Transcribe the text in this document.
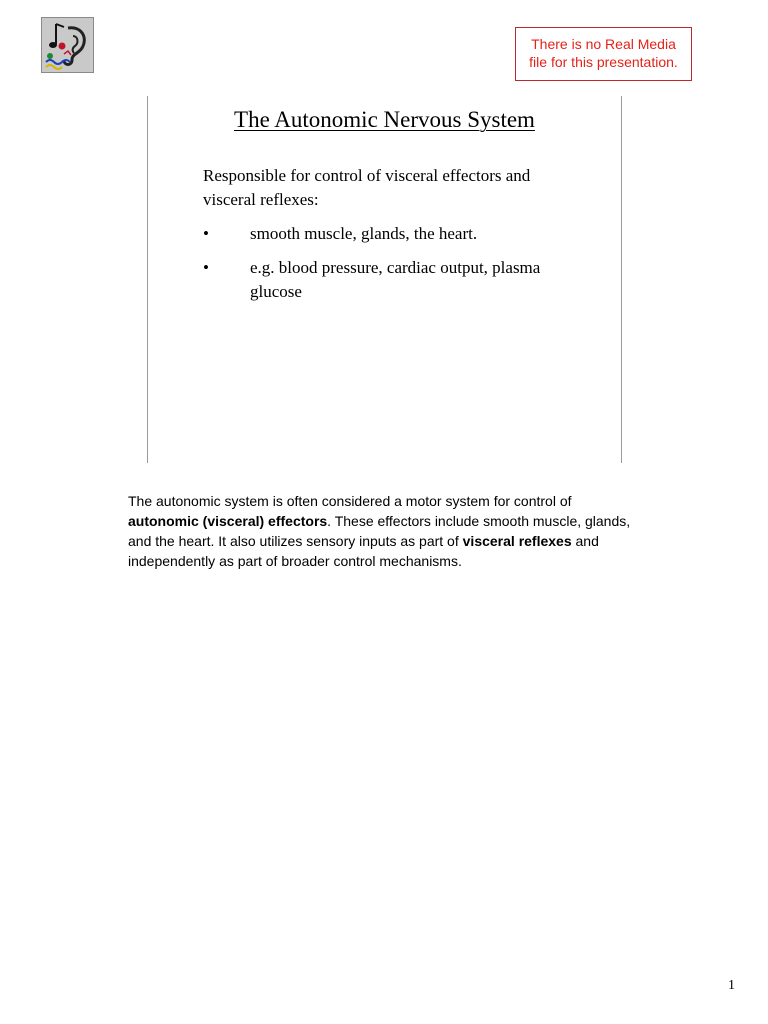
There is no Real Media
file for this presentation.
The Autonomic Nervous System

Responsible for control of visceral effectors and visceral reflexes:

•	smooth muscle, glands, the heart.
•	e.g. blood pressure, cardiac output, plasma glucose
The autonomic system is often considered a motor system for control of autonomic (visceral) effectors. These effectors include smooth muscle, glands, and the heart. It also utilizes sensory inputs as part of visceral reflexes and independently as part of broader control mechanisms.
1
